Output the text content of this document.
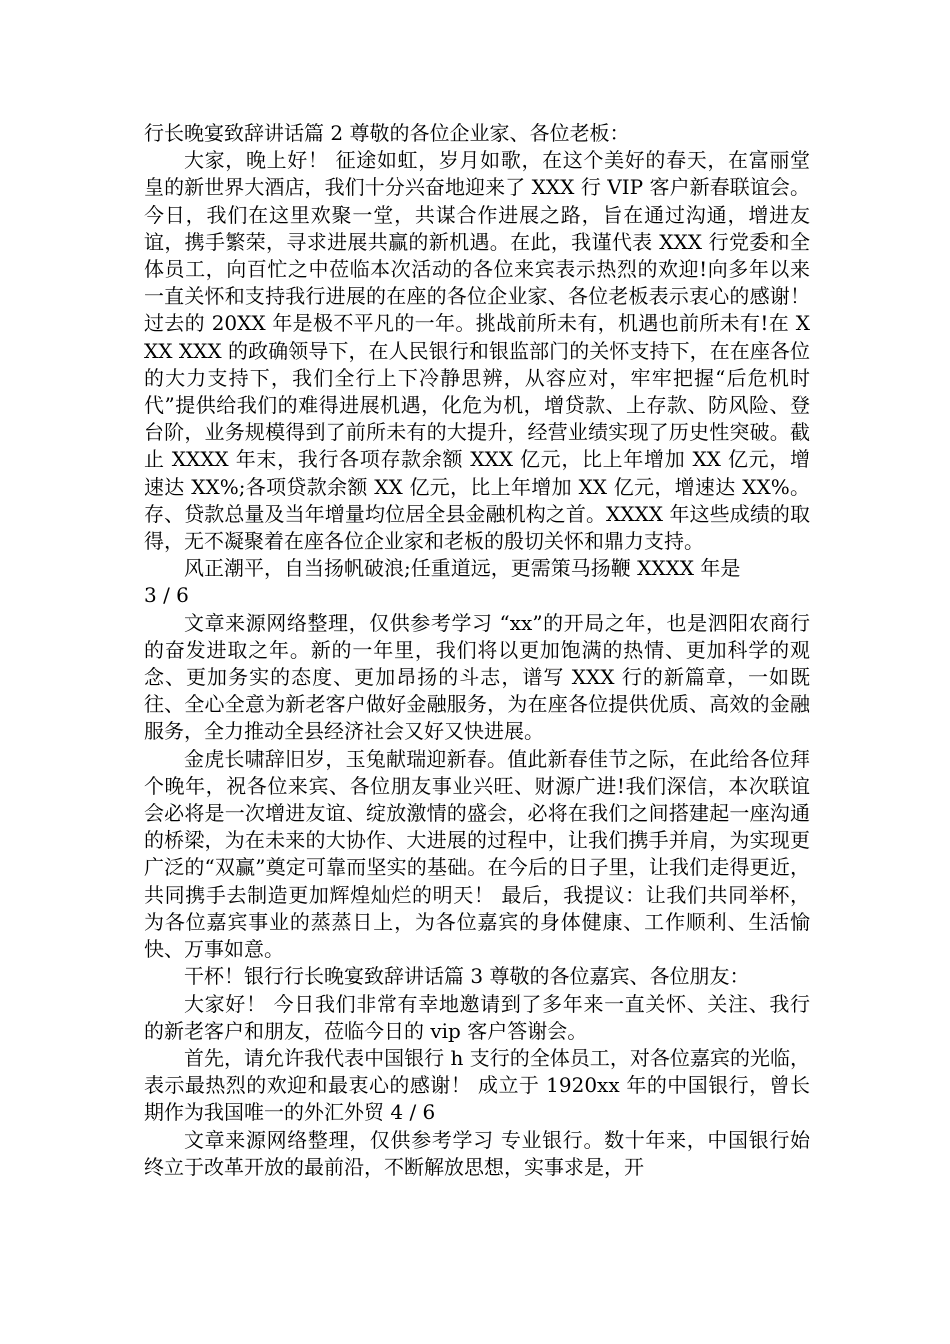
行长晚宴致辞讲话篇 2 尊敬的各位企业家、各位老板：

大家，晚上好！ 征途如虹，岁月如歌，在这个美好的春天，在富丽堂皇的新世界大酒店，我们十分兴奋地迎来了 XXX 行 VIP 客户新春联谊会。今日，我们在这里欢聚一堂，共谋合作进展之路，旨在通过沟通，增进友谊，携手繁荣，寻求进展共赢的新机遇。在此，我谨代表 XXX 行党委和全体员工，向百忙之中莅临本次活动的各位来宾表示热烈的欢迎!向多年以来一直关怀和支持我行进展的在座的各位企业家、各位老板表示衷心的感谢！ 过去的 20XX 年是极不平凡的一年。挑战前所未有，机遇也前所未有!在 XXX XXX 的政确领导下，在人民银行和银监部门的关怀支持下，在在座各位的大力支持下，我们全行上下冷静思辨，从容应对，牢牢把握“后危机时代”提供给我们的难得进展机遇，化危为机，增贷款、上存款、防风险、登台阶，业务规模得到了前所未有的大提升，经营业绩实现了历史性突破。截止 XXXX 年末，我行各项存款余额 XXX 亿元，比上年增加 XX 亿元，增速达 XX%;各项贷款余额 XX 亿元，比上年增加 XX 亿元，增速达 XX%。存、贷款总量及当年增量均位居全县金融机构之首。XXXX 年这些成绩的取得，无不凝聚着在座各位企业家和老板的殷切关怀和鼎力支持。

风正潮平，自当扬帆破浪;任重道远，更需策马扬鞭 XXXX 年是

3 / 6

文章来源网络整理，仅供参考学习 “xx”的开局之年，也是泗阳农商行的奋发进取之年。新的一年里，我们将以更加饱满的热情、更加科学的观念、更加务实的态度、更加昂扬的斗志，谱写 XXX 行的新篇章，一如既往、全心全意为新老客户做好金融服务，为在座各位提供优质、高效的金融服务，全力推动全县经济社会又好又快进展。

金虎长啸辞旧岁，玉兔献瑞迎新春。值此新春佳节之际，在此给各位拜个晚年，祝各位来宾、各位朋友事业兴旺、财源广进!我们深信，本次联谊会必将是一次增进友谊、绽放激情的盛会，必将在我们之间搭建起一座沟通的桥梁，为在未来的大协作、大进展的过程中，让我们携手并肩，为实现更广泛的“双赢”奠定可靠而坚实的基础。在今后的日子里，让我们走得更近，共同携手去制造更加辉煌灿烂的明天！ 最后，我提议：让我们共同举杯，为各位嘉宾事业的蒸蒸日上，为各位嘉宾的身体健康、工作顺利、生活愉快、万事如意。

干杯！银行行长晚宴致辞讲话篇 3 尊敬的各位嘉宾、各位朋友：

大家好！ 今日我们非常有幸地邀请到了多年来一直关怀、关注、我行的新老客户和朋友，莅临今日的 vip 客户答谢会。

首先，请允许我代表中国银行 h 支行的全体员工，对各位嘉宾的光临，表示最热烈的欢迎和最衷心的感谢！ 成立于 1920xx 年的中国银行，曾长期作为我国唯一的外汇外贸 4 / 6

文章来源网络整理，仅供参考学习 专业银行。数十年来，中国银行始终立于改革开放的最前沿，不断解放思想，实事求是，开
